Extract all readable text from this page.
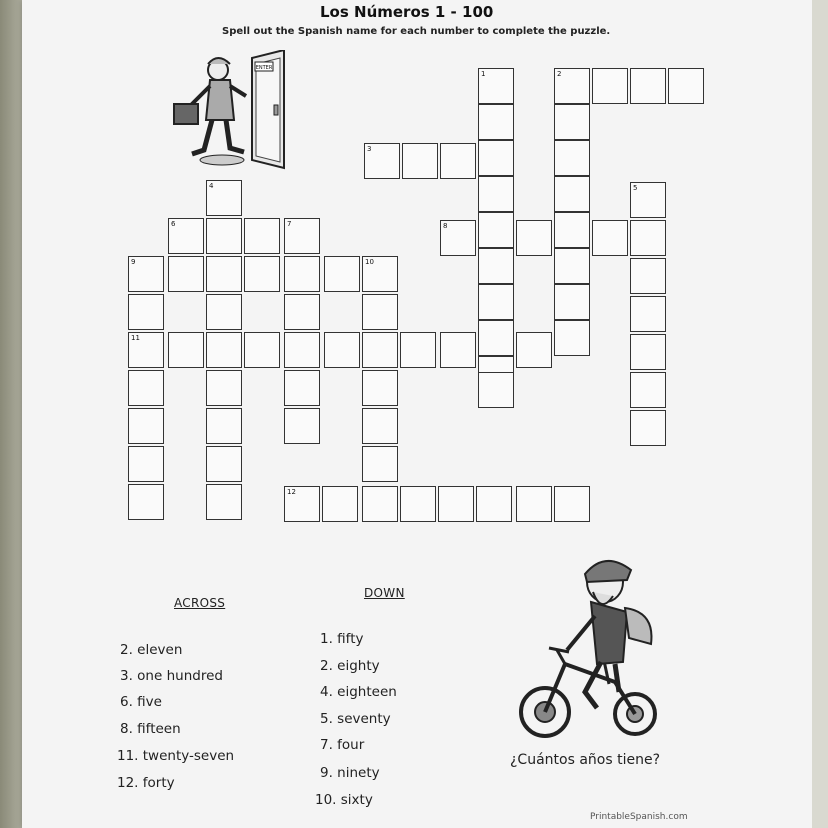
Los Números 1 - 100
Spell out the Spanish name for each number to complete the puzzle.
ENTER
1	2
3
4	5
6	7	8
9	10
11
12
ACROSS
DOWN
2. eleven
3. one hundred
6. five
8. fifteen
11. twenty-seven
12. forty
1. fifty
2. eighty
4. eighteen
5. seventy
7. four
9. ninety
10. sixty
¿Cuántos años tiene?
PrintableSpanish.com
